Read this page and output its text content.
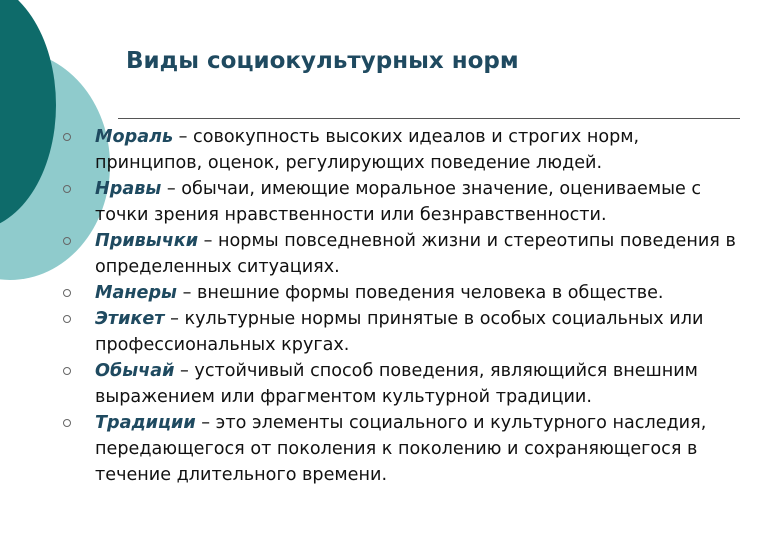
Виды социокультурных норм
Мораль – совокупность высоких идеалов и строгих норм, принципов, оценок, регулирующих поведение людей.
Нравы – обычаи, имеющие моральное значение, оцениваемые с точки зрения нравственности или безнравственности.
Привычки – нормы повседневной жизни и стереотипы поведения в определенных ситуациях.
Манеры – внешние формы поведения человека в обществе.
Этикет – культурные нормы принятые в особых социальных или профессиональных кругах.
Обычай – устойчивый способ поведения, являющийся внешним выражением или фрагментом культурной традиции.
Традиции – это элементы социального и культурного наследия, передающегося от поколения к поколению и сохраняющегося в течение длительного времени.
